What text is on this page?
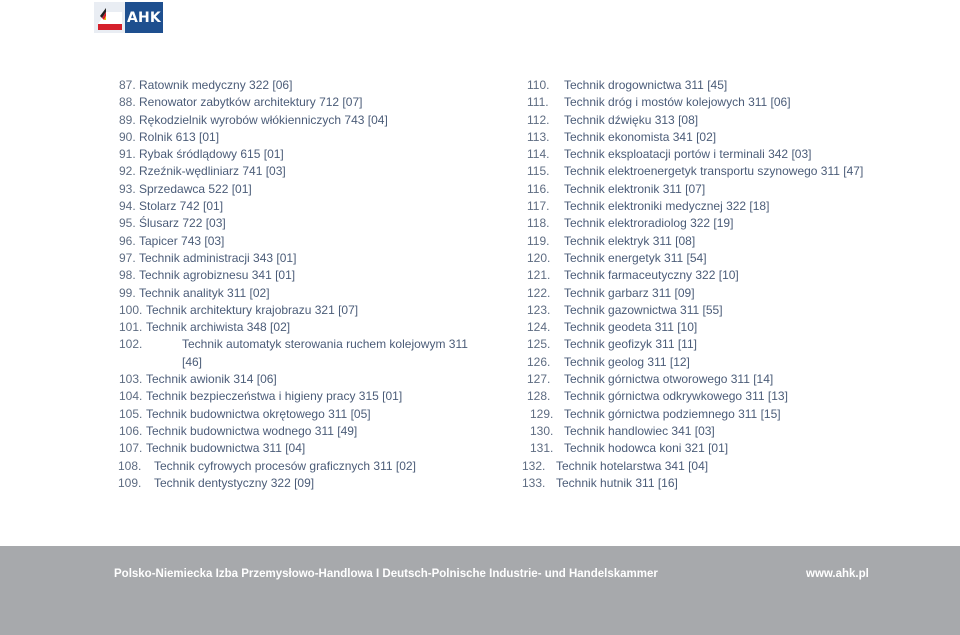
AHK
87. Ratownik medyczny 322 [06]
88. Renowator zabytków architektury 712 [07]
89. Rękodzielnik wyrobów włókienniczych 743 [04]
90. Rolnik 613 [01]
91. Rybak śródlądowy 615 [01]
92. Rzeźnik-wędliniarz 741 [03]
93. Sprzedawca 522 [01]
94. Stolarz 742 [01]
95. Ślusarz 722 [03]
96. Tapicer 743 [03]
97. Technik administracji 343 [01]
98. Technik agrobiznesu 341 [01]
99. Technik analityk 311 [02]
100. Technik architektury krajobrazu 321 [07]
101. Technik archiwista 348 [02]
102.	Technik automatyk sterowania ruchem kolejowym 311 [46]
103. Technik awionik 314 [06]
104. Technik bezpieczeństwa i higieny pracy 315 [01]
105. Technik budownictwa okrętowego 311 [05]
106. Technik budownictwa wodnego 311 [49]
107. Technik budownictwa 311 [04]
108. Technik cyfrowych procesów graficznych 311 [02]
109. Technik dentystyczny 322 [09]
110. Technik drogownictwa 311 [45]
111. Technik dróg i mostów kolejowych 311 [06]
112. Technik dźwięku 313 [08]
113. Technik ekonomista 341 [02]
114. Technik eksploatacji portów i terminali 342 [03]
115. Technik elektroenergetyk transportu szynowego 311 [47]
116. Technik elektronik 311 [07]
117. Technik elektroniki medycznej 322 [18]
118. Technik elektroradiolog 322 [19]
119. Technik elektryk 311 [08]
120. Technik energetyk 311 [54]
121. Technik farmaceutyczny 322 [10]
122. Technik garbarz 311 [09]
123. Technik gazownictwa 311 [55]
124. Technik geodeta 311 [10]
125. Technik geofizyk 311 [11]
126. Technik geolog 311 [12]
127. Technik górnictwa otworowego 311 [14]
128. Technik górnictwa odkrywkowego 311 [13]
129. Technik górnictwa podziemnego 311 [15]
130. Technik handlowiec 341 [03]
131. Technik hodowca koni 321 [01]
132. Technik hotelarstwa 341 [04]
133. Technik hutnik 311 [16]
Polsko-Niemiecka Izba Przemysłowo-Handlowa I Deutsch-Polnische Industrie- und Handelskammer	www.ahk.pl
